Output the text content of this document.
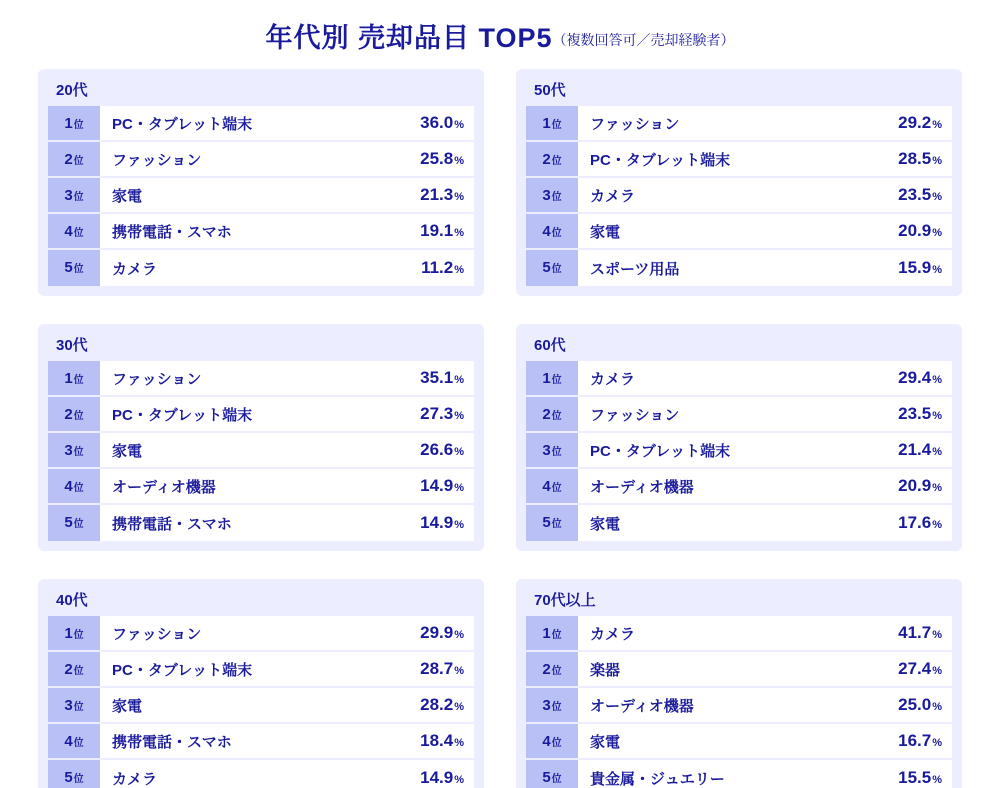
年代別 売却品目 TOP5（複数回答可／売却経験者）
20代
1 位	PC・タブレット端末	36.0 %
2 位	ファッション	25.8 %
3 位	家電	21.3 %
4 位	携帯電話・スマホ	19.1 %
5 位	カメラ	11.2 %
30代
1 位	ファッション	35.1 %
2 位	PC・タブレット端末	27.3 %
3 位	家電	26.6 %
4 位	オーディオ機器	14.9 %
5 位	携帯電話・スマホ	14.9 %
40代
1 位	ファッション	29.9 %
2 位	PC・タブレット端末	28.7 %
3 位	家電	28.2 %
4 位	携帯電話・スマホ	18.4 %
5 位	カメラ	14.9 %
50代
1 位	ファッション	29.2 %
2 位	PC・タブレット端末	28.5 %
3 位	カメラ	23.5 %
4 位	家電	20.9 %
5 位	スポーツ用品	15.9 %
60代
1 位	カメラ	29.4 %
2 位	ファッション	23.5 %
3 位	PC・タブレット端末	21.4 %
4 位	オーディオ機器	20.9 %
5 位	家電	17.6 %
70代以上
1 位	カメラ	41.7 %
2 位	楽器	27.4 %
3 位	オーディオ機器	25.0 %
4 位	家電	16.7 %
5 位	貴金属・ジュエリー	15.5 %
